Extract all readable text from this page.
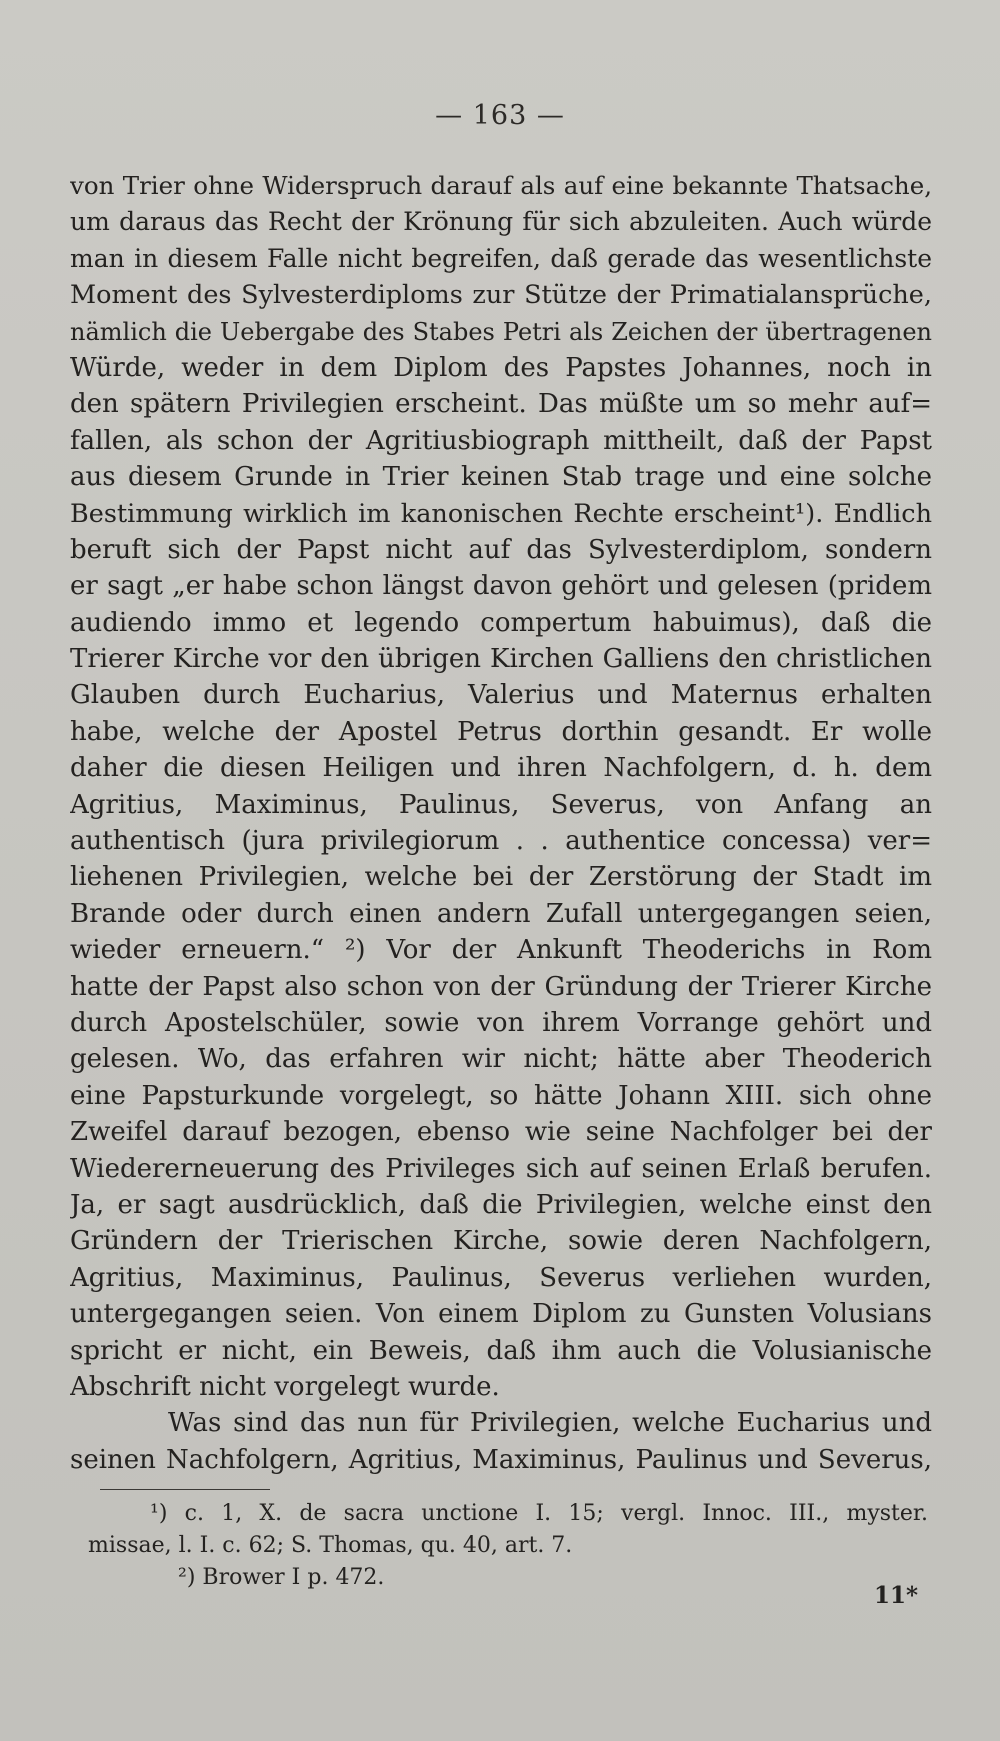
— 163 —
von Trier ohne Widerspruch darauf als auf eine bekannte Thatsache,
um daraus das Recht der Krönung für sich abzuleiten. Auch würde
man in diesem Falle nicht begreifen, daß gerade das wesentlichste
Moment des Sylvesterdiploms zur Stütze der Primatialansprüche,
nämlich die Uebergabe des Stabes Petri als Zeichen der übertragenen
Würde, weder in dem Diplom des Papstes Johannes, noch in
den spätern Privilegien erscheint. Das müßte um so mehr auf=
fallen, als schon der Agritiusbiograph mittheilt, daß der Papst
aus diesem Grunde in Trier keinen Stab trage und eine solche
Bestimmung wirklich im kanonischen Rechte erscheint¹). Endlich
beruft sich der Papst nicht auf das Sylvesterdiplom, sondern
er sagt „er habe schon längst davon gehört und gelesen (pridem
audiendo immo et legendo compertum habuimus), daß die
Trierer Kirche vor den übrigen Kirchen Galliens den christlichen
Glauben durch Eucharius, Valerius und Maternus erhalten
habe, welche der Apostel Petrus dorthin gesandt. Er wolle
daher die diesen Heiligen und ihren Nachfolgern, d. h. dem
Agritius, Maximinus, Paulinus, Severus, von Anfang an
authentisch (jura privilegiorum . . authentice concessa) ver=
liehenen Privilegien, welche bei der Zerstörung der Stadt im
Brande oder durch einen andern Zufall untergegangen seien,
wieder erneuern.“ ²) Vor der Ankunft Theoderichs in Rom
hatte der Papst also schon von der Gründung der Trierer Kirche
durch Apostelschüler, sowie von ihrem Vorrange gehört und
gelesen. Wo, das erfahren wir nicht; hätte aber Theoderich
eine Papsturkunde vorgelegt, so hätte Johann XIII. sich ohne
Zweifel darauf bezogen, ebenso wie seine Nachfolger bei der
Wiedererneuerung des Privileges sich auf seinen Erlaß berufen.
Ja, er sagt ausdrücklich, daß die Privilegien, welche einst den
Gründern der Trierischen Kirche, sowie deren Nachfolgern,
Agritius, Maximinus, Paulinus, Severus verliehen wurden,
untergegangen seien. Von einem Diplom zu Gunsten Volusians
spricht er nicht, ein Beweis, daß ihm auch die Volusianische
Abschrift nicht vorgelegt wurde.
Was sind das nun für Privilegien, welche Eucharius und
seinen Nachfolgern, Agritius, Maximinus, Paulinus und Severus,
¹) c. 1, X. de sacra unctione I. 15; vergl. Innoc. III., myster.
missae, l. I. c. 62; S. Thomas, qu. 40, art. 7.
²) Brower I p. 472.
11*
